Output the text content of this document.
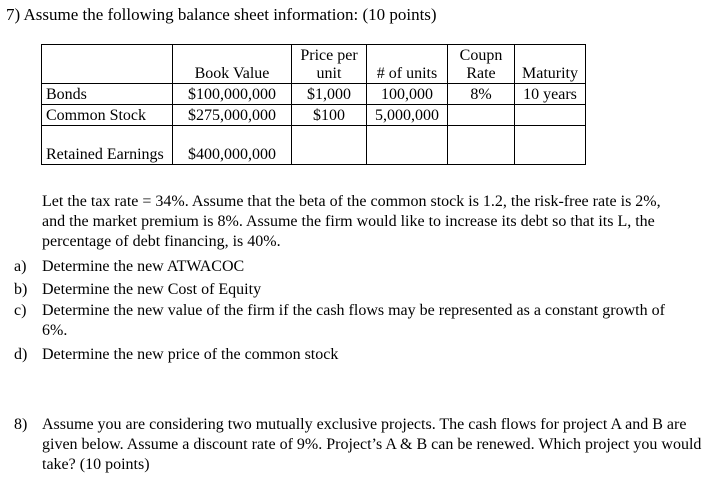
7) Assume the following balance sheet information: (10 points)
	Book Value	Price per unit	# of units	Coupn Rate	Maturity
Bonds	$100,000,000	$1,000	100,000	8%	10 years
Common Stock	$275,000,000	$100	5,000,000		
Retained Earnings	$400,000,000				
Let the tax rate = 34%. Assume that the beta of the common stock is 1.2, the risk-free rate is 2%, and the market premium is 8%. Assume the firm would like to increase its debt so that its L, the percentage of debt financing, is 40%.
a) Determine the new ATWACOC
b) Determine the new Cost of Equity
c) Determine the new value of the firm if the cash flows may be represented as a constant growth of 6%.
d) Determine the new price of the common stock
8) Assume you are considering two mutually exclusive projects. The cash flows for project A and B are given below. Assume a discount rate of 9%. Project’s A & B can be renewed. Which project you would take? (10 points)
